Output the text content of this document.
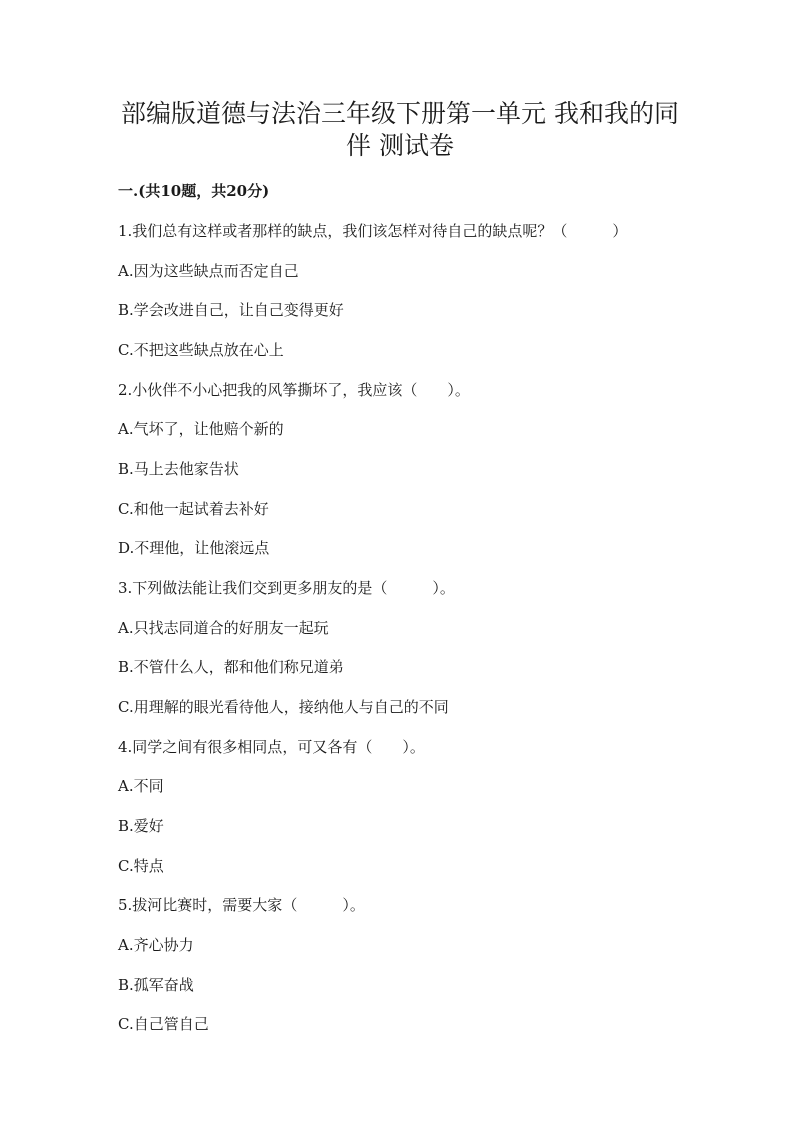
部编版道德与法治三年级下册第一单元 我和我的同
伴 测试卷
一.(共10题，共20分)
1.我们总有这样或者那样的缺点，我们该怎样对待自己的缺点呢？（　　　）
A.因为这些缺点而否定自己
B.学会改进自己，让自己变得更好
C.不把这些缺点放在心上
2.小伙伴不小心把我的风筝撕坏了，我应该（　　）。
A.气坏了，让他赔个新的
B.马上去他家告状
C.和他一起试着去补好
D.不理他，让他滚远点
3.下列做法能让我们交到更多朋友的是（　　　）。
A.只找志同道合的好朋友一起玩
B.不管什么人，都和他们称兄道弟
C.用理解的眼光看待他人，接纳他人与自己的不同
4.同学之间有很多相同点，可又各有（　　）。
A.不同
B.爱好
C.特点
5.拔河比赛时，需要大家（　　　）。
A.齐心协力
B.孤军奋战
C.自己管自己
